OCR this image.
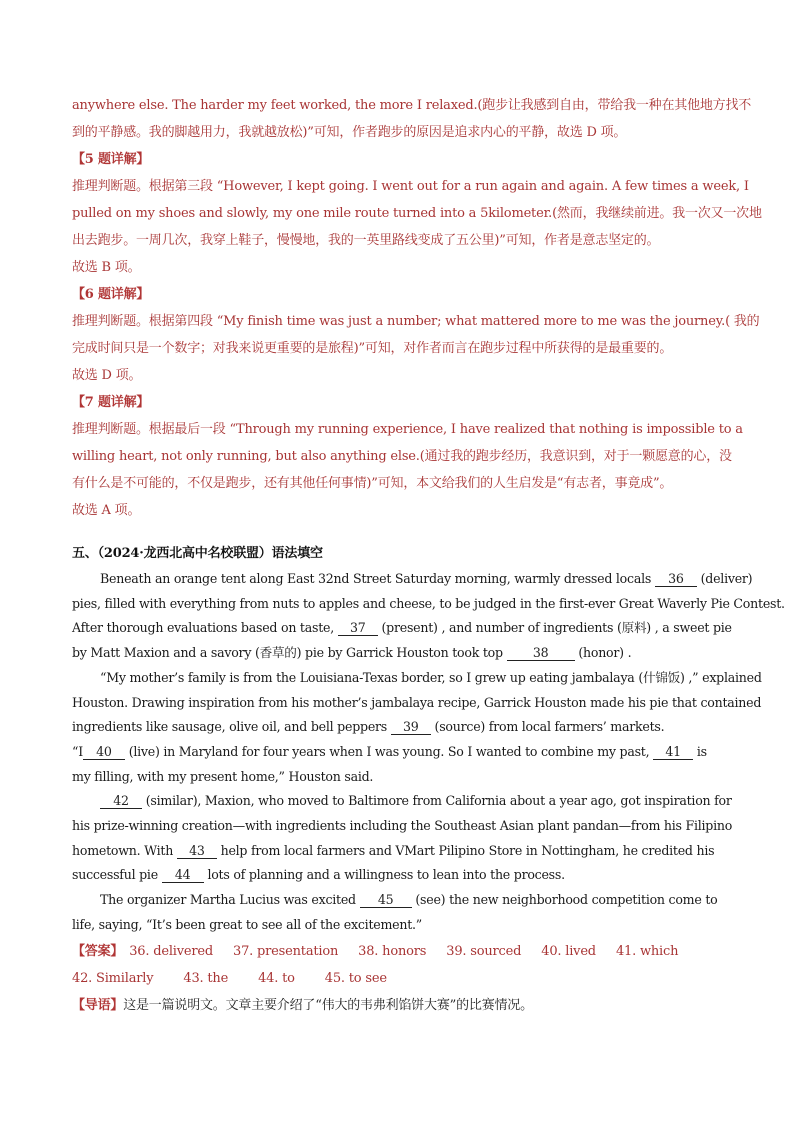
anywhere else. The harder my feet worked, the more I relaxed.(跑步让我感到自由，带给我一种在其他地方找不
到的平静感。我的脚越用力，我就越放松)”可知，作者跑步的原因是追求内心的平静，故选 D 项。
【5 题详解】
推理判断题。根据第三段 “However, I kept going. I went out for a run again and again. A few times a week, I
pulled on my shoes and slowly, my one mile route turned into a 5kilometer.(然而，我继续前进。我一次又一次地
出去跑步。一周几次，我穿上鞋子，慢慢地，我的一英里路线变成了五公里)”可知，作者是意志坚定的。
故选 B 项。
【6 题详解】
推理判断题。根据第四段 “My finish time was just a number; what mattered more to me was the journey.( 我的
完成时间只是一个数字；对我来说更重要的是旅程)”可知，对作者而言在跑步过程中所获得的是最重要的。
故选 D 项。
【7 题详解】
推理判断题。根据最后一段 “Through my running experience, I have realized that nothing is impossible to a
willing heart, not only running, but also anything else.(通过我的跑步经历，我意识到，对于一颗愿意的心，没
有什么是不可能的，不仅是跑步，还有其他任何事情)”可知，本文给我们的人生启发是“有志者，事竟成”。
故选 A 项。
五、（2024·龙西北高中名校联盟）语法填空
Beneath an orange tent along East 32nd Street Saturday morning, warmly dressed locals 36 (deliver)
pies, filled with everything from nuts to apples and cheese, to be judged in the first-ever Great Waverly Pie Contest.
After thorough evaluations based on taste, 37 (present) , and number of ingredients (原料) , a sweet pie
by Matt Maxion and a savory (香草的) pie by Garrick Houston took top 38 (honor) .
“My mother’s family is from the Louisiana-Texas border, so I grew up eating jambalaya (什锦饭) ,” explained
Houston. Drawing inspiration from his mother’s jambalaya recipe, Garrick Houston made his pie that contained
ingredients like sausage, olive oil, and bell peppers 39 (source) from local farmers’ markets.
“I 40 (live) in Maryland for four years when I was young. So I wanted to combine my past, 41 is
my filling, with my present home,” Houston said.
42 (similar), Maxion, who moved to Baltimore from California about a year ago, got inspiration for
his prize-winning creation—with ingredients including the Southeast Asian plant pandan—from his Filipino
hometown. With 43 help from local farmers and VMart Pilipino Store in Nottingham, he credited his
successful pie 44 lots of planning and a willingness to lean into the process.
The organizer Martha Lucius was excited 45 (see) the new neighborhood competition come to
life, saying, “It’s been great to see all of the excitement.”
【答案】 36. delivered 37. presentation 38. honors 39. sourced 40. lived 41. which
42. Similarly 43. the 44. to 45. to see
【导语】这是一篇说明文。文章主要介绍了“伟大的韦弗利馅饼大赛”的比赛情况。
